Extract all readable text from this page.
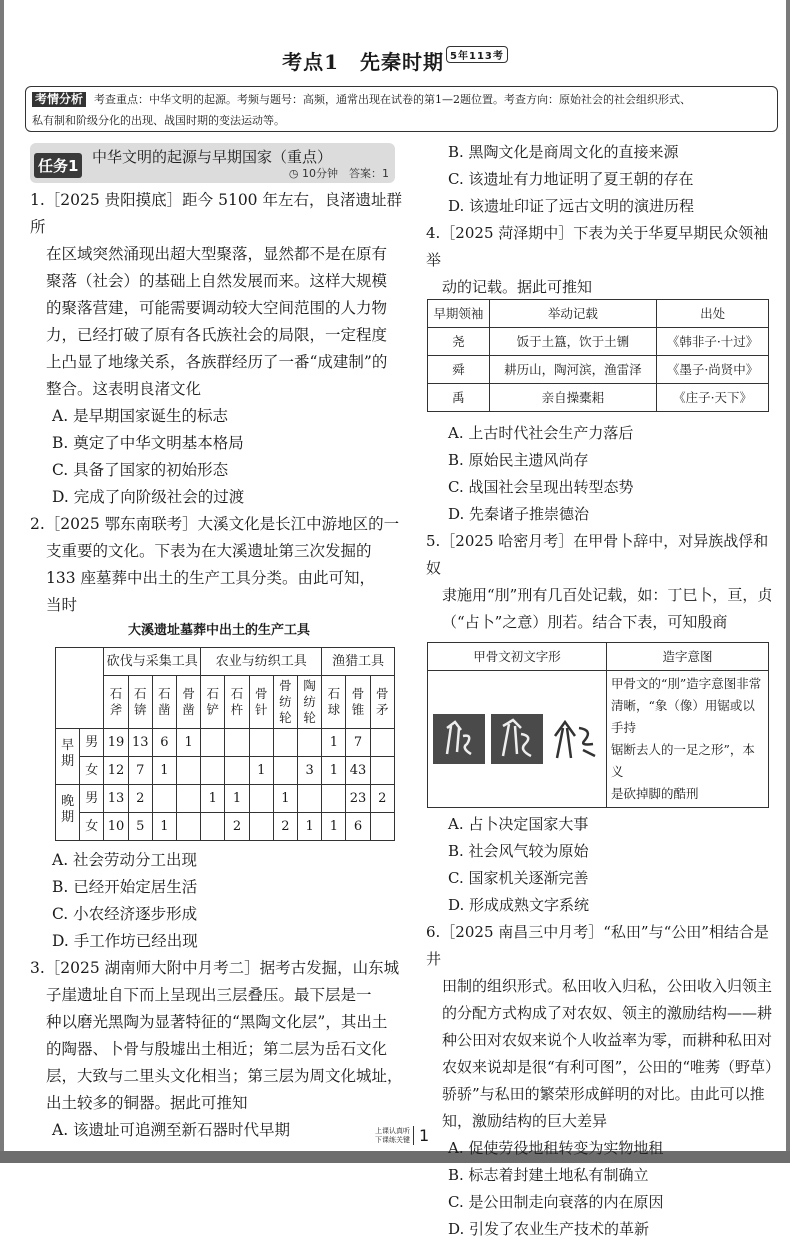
考点1　先秦时期 5年113考
考情分析 考查重点：中华文明的起源。考频与题号：高频，通常出现在试卷的第1—2题位置。考查方向：原始社会的社会组织形式、
私有制和阶级分化的出现、战国时期的变法运动等。
任务1 中华文明的起源与早期国家（重点）
◷ 10分钟　 答案：1
1.［2025 贵阳摸底］距今 5100 年左右，良渚遗址群所
在区域突然涌现出超大型聚落，显然都不是在原有
聚落（社会）的基础上自然发展而来。这样大规模
的聚落营建，可能需要调动较大空间范围的人力物
力，已经打破了原有各氏族社会的局限，一定程度
上凸显了地缘关系，各族群经历了一番“成建制”的
整合。这表明良渚文化
A. 是早期国家诞生的标志
B. 奠定了中华文明基本格局
C. 具备了国家的初始形态
D. 完成了向阶级社会的过渡
2.［2025 鄂东南联考］大溪文化是长江中游地区的一
支重要的文化。下表为在大溪遗址第三次发掘的
133 座墓葬中出土的生产工具分类。由此可知，
当时
大溪遗址墓葬中出土的生产工具
		砍伐与采集工具				农业与纺织工具					渔猎工具		
		石斧	石锛	石凿	骨凿	石铲	石杵	骨针	骨纺轮	陶纺轮	石球	骨锥	骨矛
早期	男	19	13	6	1						1	7	
	女	12	7	1				1		3	1	43	
晚期	男	13	2			1	1		1			23	2
	女	10	5	1			2		2	1	1	6	
A. 社会劳动分工出现
B. 已经开始定居生活
C. 小农经济逐步形成
D. 手工作坊已经出现
3.［2025 湖南师大附中月考二］据考古发掘，山东城
子崖遗址自下而上呈现出三层叠压。最下层是一
种以磨光黑陶为显著特征的“黑陶文化层”，其出土
的陶器、卜骨与殷墟出土相近；第二层为岳石文化
层，大致与二里头文化相当；第三层为周文化城址，
出土较多的铜器。据此可推知
A. 该遗址可追溯至新石器时代早期
B. 黑陶文化是商周文化的直接来源
C. 该遗址有力地证明了夏王朝的存在
D. 该遗址印证了远古文明的演进历程
4.［2025 菏泽期中］下表为关于华夏早期民众领袖举
动的记载。据此可推知
早期领袖	举动记载	出处
尧	饭于土簋，饮于土铏	《韩非子·十过》
舜	耕历山，陶河滨，渔雷泽	《墨子·尚贤中》
禹	亲自操橐耜	《庄子·天下》
A. 上古时代社会生产力落后
B. 原始民主遗风尚存
C. 战国社会呈现出转型态势
D. 先秦诸子推崇德治
5.［2025 哈密月考］在甲骨卜辞中，对异族战俘和奴
隶施用“刖”刑有几百处记载，如：丁巳卜，亘，贞
（“占卜”之意）刖若。结合下表，可知殷商
甲骨文初文字形	造字意图
	甲骨文的“刖”造字意图非常
清晰，“象（像）用锯或以手持
锯断去人的一足之形”，本义
是砍掉脚的酷刑
A. 占卜决定国家大事
B. 社会风气较为原始
C. 国家机关逐渐完善
D. 形成成熟文字系统
6.［2025 南昌三中月考］“私田”与“公田”相结合是井
田制的组织形式。私田收入归私，公田收入归领主
的分配方式构成了对农奴、领主的激励结构——耕
种公田对农奴来说个人收益率为零，而耕种私田对
农奴来说却是很“有利可图”，公田的“唯莠（野草）
骄骄”与私田的繁荣形成鲜明的对比。由此可以推
知，激励结构的巨大差异
A. 促使劳役地租转变为实物地租
B. 标志着封建土地私有制确立
C. 是公田制走向衰落的内在原因
D. 引发了农业生产技术的革新
上课认真听
下课练关键 1
